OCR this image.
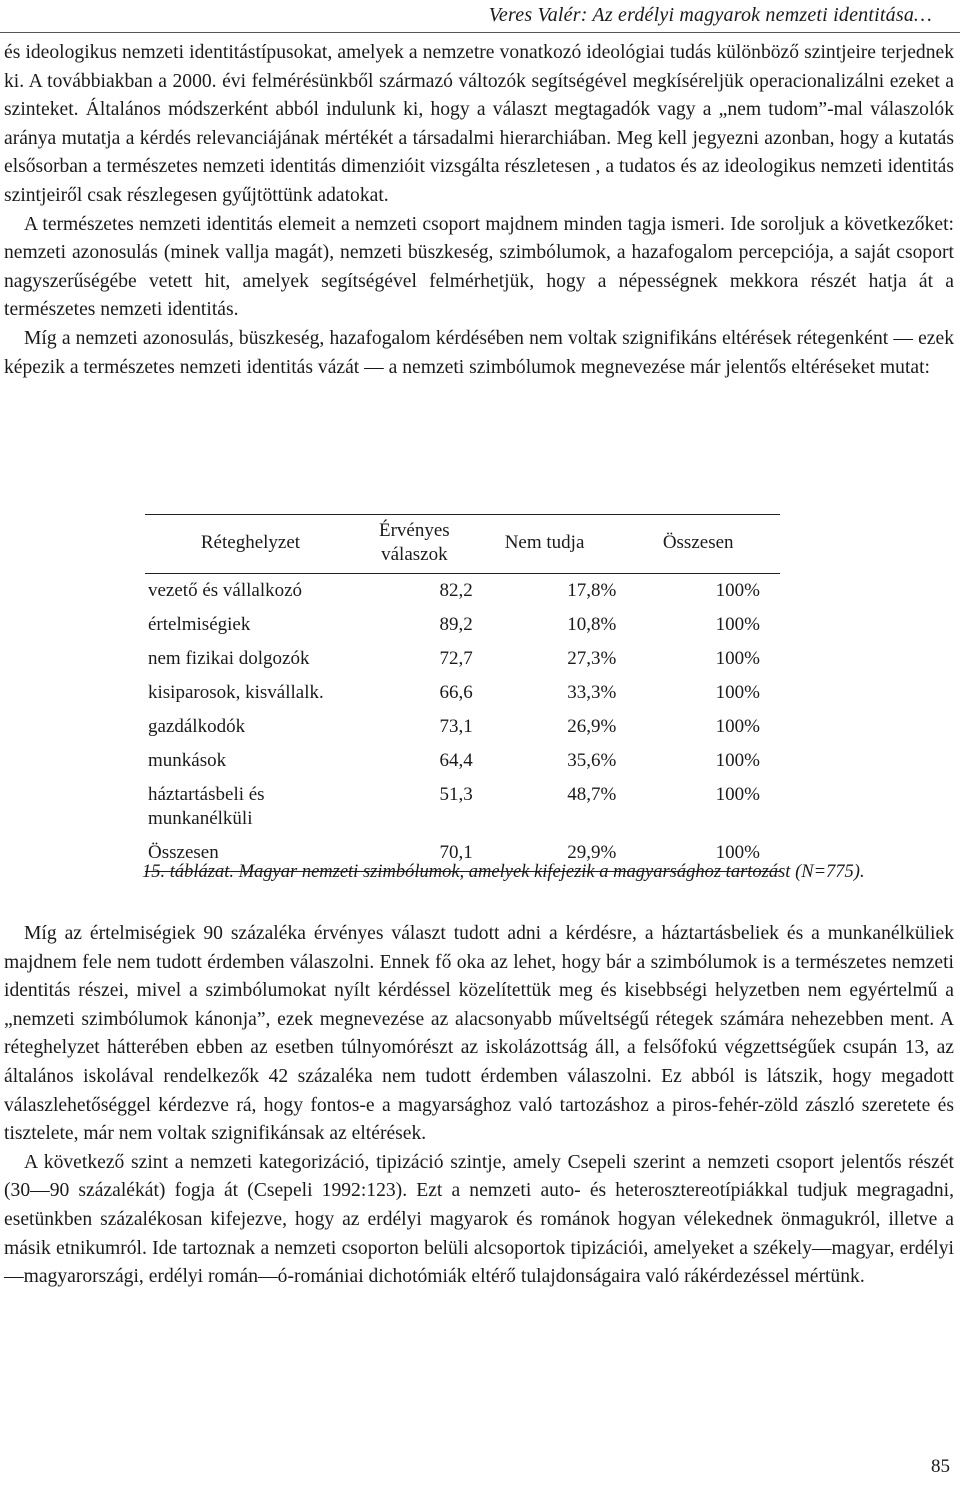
Veres Valér: Az erdélyi magyarok nemzeti identitása…

és ideologikus nemzeti identitástípusokat, amelyek a nemzetre vonatkozó ideológiai tudás különböző szintjeire terjednek ki. A továbbiakban a 2000. évi felmérésünkből származó változók segítségével megkíséreljük operacionalizálni ezeket a szinteket. Általános módszerként abból indulunk ki, hogy a választ megtagadók vagy a „nem tudom”-mal válaszolók aránya mutatja a kérdés relevanciájának mértékét a társadalmi hierarchiában. Meg kell jegyezni azonban, hogy a kutatás elsősorban a természetes nemzeti identitás dimenzióit vizsgálta részletesen , a tudatos és az ideologikus nemzeti identitás szintjeiről csak részlegesen gyűjtöttünk adatokat.

A természetes nemzeti identitás elemeit a nemzeti csoport majdnem minden tagja ismeri. Ide soroljuk a következőket: nemzeti azonosulás (minek vallja magát), nemzeti büszkeség, szimbólumok, a hazafogalom percepciója, a saját csoport nagyszerűségébe vetett hit, amelyek segítségével felmérhetjük, hogy a népességnek mekkora részét hatja át a természetes nemzeti identitás.

Míg a nemzeti azonosulás, büszkeség, hazafogalom kérdésében nem voltak szignifikáns eltérések rétegenként — ezek képezik a természetes nemzeti identitás vázát — a nemzeti szimbólumok megnevezése már jelentős eltéréseket mutat:

Réteghelyzet	Érvényes válaszok	Nem tudja	Összesen
vezető és vállalkozó	82,2	17,8%	100%
értelmiségiek	89,2	10,8%	100%
nem fizikai dolgozók	72,7	27,3%	100%
kisiparosok, kisvállalk.	66,6	33,3%	100%
gazdálkodók	73,1	26,9%	100%
munkások	64,4	35,6%	100%
háztartásbeli és munkanélküli	51,3	48,7%	100%
Összesen	70,1	29,9%	100%
15. táblázat. Magyar nemzeti szimbólumok, amelyek kifejezik a magyarsághoz tartozást (N=775).

Míg az értelmiségiek 90 százaléka érvényes választ tudott adni a kérdésre, a háztartásbeliek és a munkanélküliek majdnem fele nem tudott érdemben válaszolni. Ennek fő oka az lehet, hogy bár a szimbólumok is a természetes nemzeti identitás részei, mivel a szimbólumokat nyílt kérdéssel közelítettük meg és kisebbségi helyzetben nem egyértelmű a „nemzeti szimbólumok kánonja”, ezek megnevezése az alacsonyabb műveltségű rétegek számára nehezebben ment. A réteghelyzet hátterében ebben az esetben túlnyomórészt az iskolázottság áll, a felsőfokú végzettségűek csupán 13, az általános iskolával rendelkezők 42 százaléka nem tudott érdemben válaszolni. Ez abból is látszik, hogy megadott válaszlehetőséggel kérdezve rá, hogy fontos-e a magyarsághoz való tartozáshoz a piros-fehér-zöld zászló szeretete és tisztelete, már nem voltak szignifikánsak az eltérések.

A következő szint a nemzeti kategorizáció, tipizáció szintje, amely Csepeli szerint a nemzeti csoport jelentős részét (30—90 százalékát) fogja át (Csepeli 1992:123). Ezt a nemzeti auto- és heterosztereotípiákkal tudjuk megragadni, esetünkben százalékosan kifejezve, hogy az erdélyi magyarok és románok hogyan vélekednek önmagukról, illetve a másik etnikumról. Ide tartoznak a nemzeti csoporton belüli alcsoportok tipizációi, amelyeket a székely—magyar, erdélyi—magyarországi, erdélyi román—ó-romániai dichotómiák eltérő tulajdonságaira való rákérdezéssel mértünk.

85
